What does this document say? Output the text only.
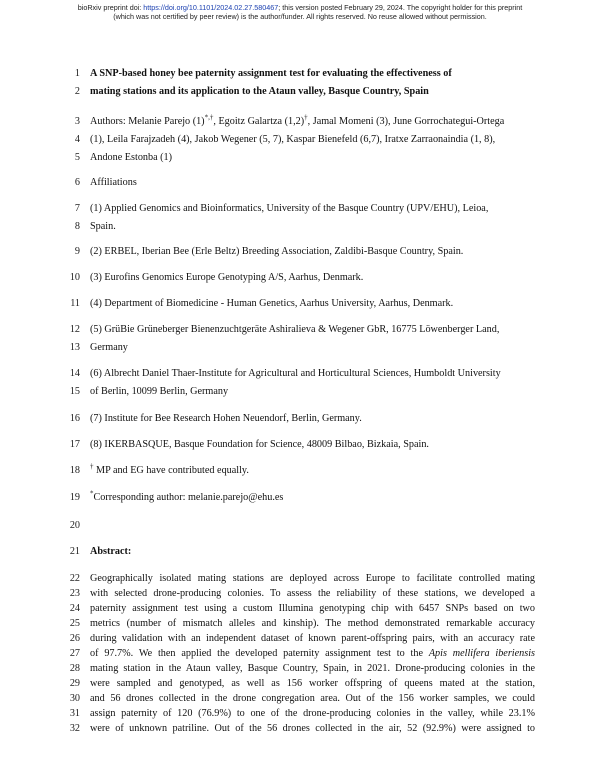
bioRxiv preprint doi: https://doi.org/10.1101/2024.02.27.580467; this version posted February 29, 2024. The copyright holder for this preprint
(which was not certified by peer review) is the author/funder. All rights reserved. No reuse allowed without permission.
1 A SNP-based honey bee paternity assignment test for evaluating the effectiveness of
2 mating stations and its application to the Ataun valley, Basque Country, Spain
3 Authors: Melanie Parejo (1)*,†, Egoitz Galartza (1,2)†, Jamal Momeni (3), June Gorrochategui-Ortega
4 (1), Leila Farajzadeh (4), Jakob Wegener (5, 7), Kaspar Bienefeld (6,7), Iratxe Zarraonaindia (1, 8),
5 Andone Estonba (1)
6 Affiliations
7 (1) Applied Genomics and Bioinformatics, University of the Basque Country (UPV/EHU), Leioa,
8 Spain.
9 (2) ERBEL, Iberian Bee (Erle Beltz) Breeding Association, Zaldibi-Basque Country, Spain.
10 (3) Eurofins Genomics Europe Genotyping A/S, Aarhus, Denmark.
11 (4) Department of Biomedicine - Human Genetics, Aarhus University, Aarhus, Denmark.
12 (5) GrüBie Grüneberger Bienenzuchtgeräte Ashiralieva & Wegener GbR, 16775 Löwenberger Land,
13 Germany
14 (6) Albrecht Daniel Thaer-Institute for Agricultural and Horticultural Sciences, Humboldt University
15 of Berlin, 10099 Berlin, Germany
16 (7) Institute for Bee Research Hohen Neuendorf, Berlin, Germany.
17 (8) IKERBASQUE, Basque Foundation for Science, 48009 Bilbao, Bizkaia, Spain.
18 † MP and EG have contributed equally.
19 *Corresponding author: melanie.parejo@ehu.es
20
21 Abstract:
22 Geographically isolated mating stations are deployed across Europe to facilitate controlled mating
23 with selected drone-producing colonies. To assess the reliability of these stations, we developed a
24 paternity assignment test using a custom Illumina genotyping chip with 6457 SNPs based on two
25 metrics (number of mismatch alleles and kinship). The method demonstrated remarkable accuracy
26 during validation with an independent dataset of known parent-offspring pairs, with an accuracy rate
27 of 97.7%. We then applied the developed paternity assignment test to the Apis mellifera iberiensis
28 mating station in the Ataun valley, Basque Country, Spain, in 2021. Drone-producing colonies in the
29 were sampled and genotyped, as well as 156 worker offspring of queens mated at the station,
30 and 56 drones collected in the drone congregation area. Out of the 156 worker samples, we could
31 assign paternity of 120 (76.9%) to one of the drone-producing colonies in the valley, while 23.1%
32 were of unknown patriline. Out of the 56 drones collected in the air, 52 (92.9%) were assigned to
